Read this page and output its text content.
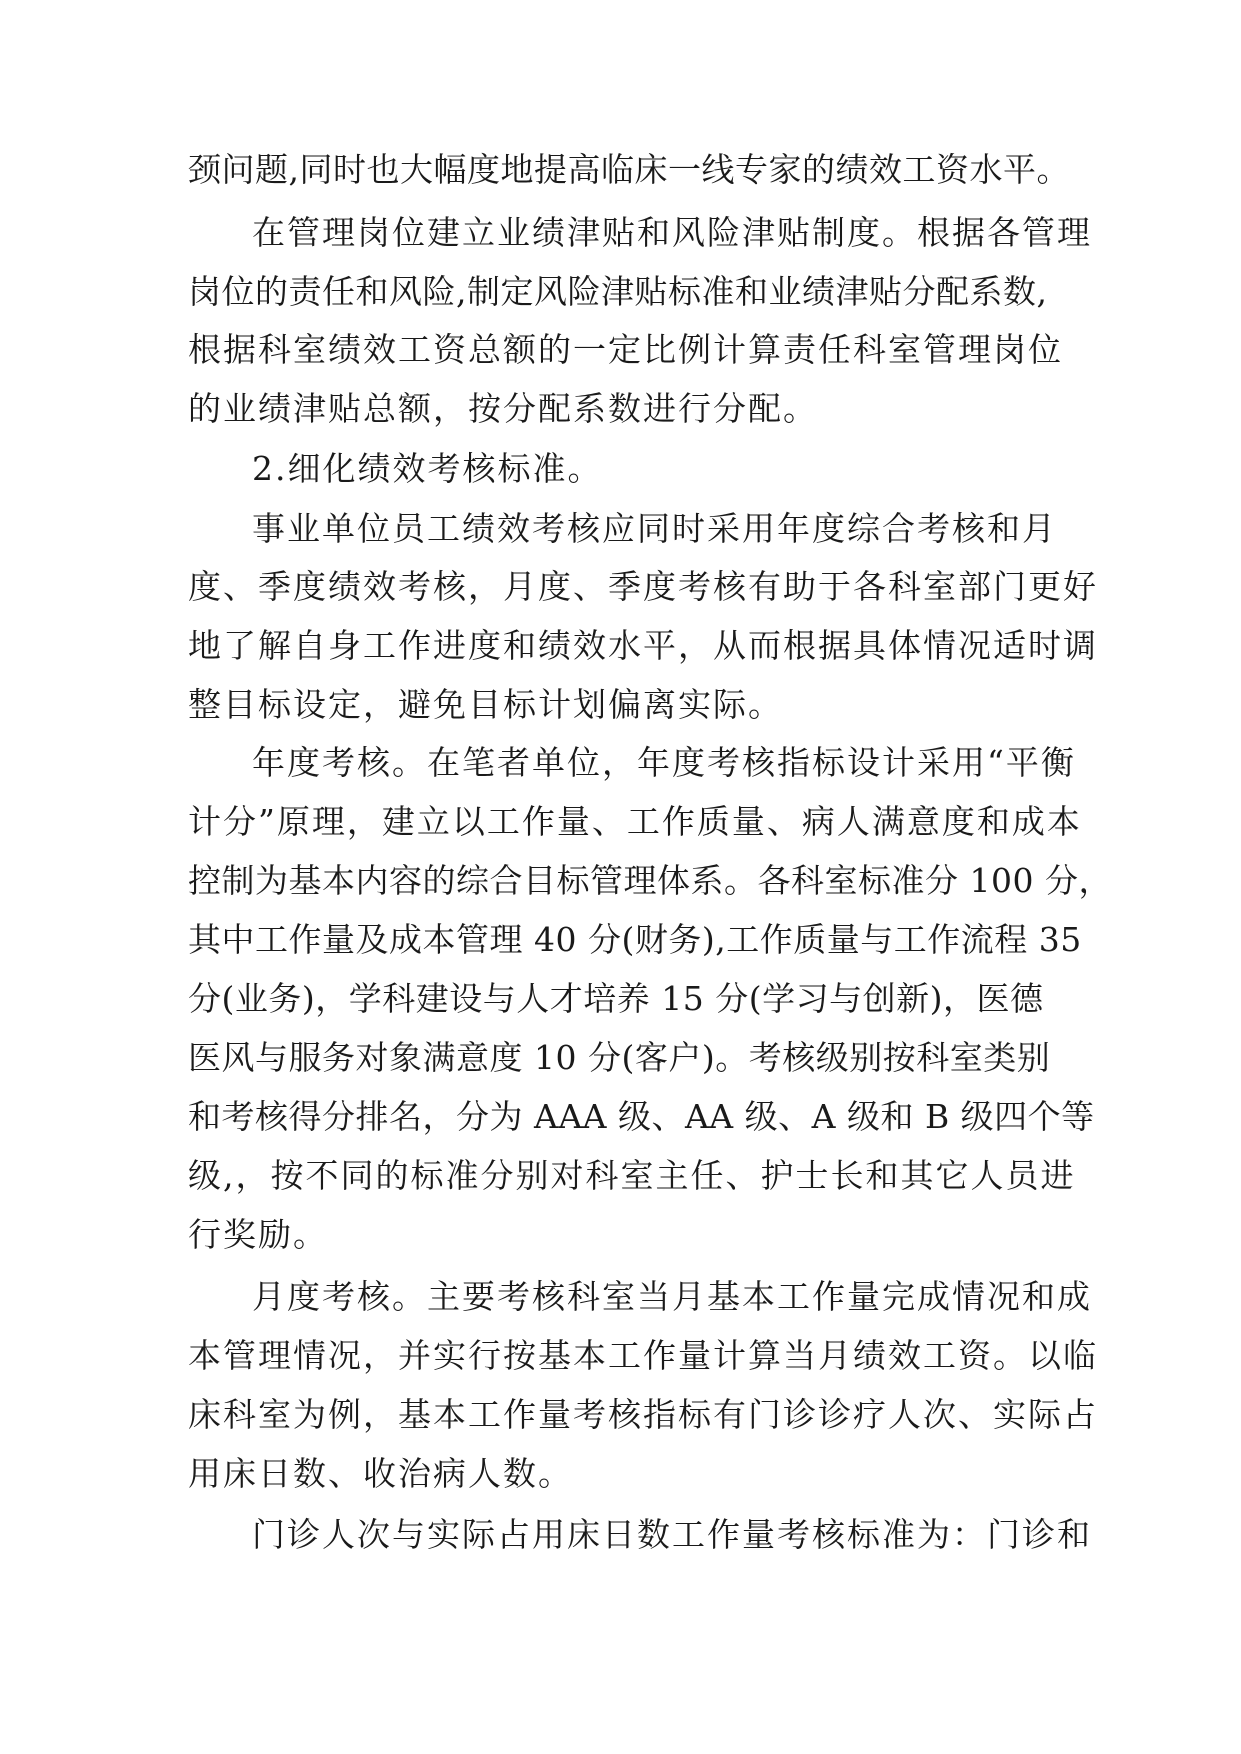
颈问题,同时也大幅度地提高临床一线专家的绩效工资水平。
在管理岗位建立业绩津贴和风险津贴制度。根据各管理
岗位的责任和风险,制定风险津贴标准和业绩津贴分配系数,
根据科室绩效工资总额的一定比例计算责任科室管理岗位
的业绩津贴总额，按分配系数进行分配。
2.细化绩效考核标准。
事业单位员工绩效考核应同时采用年度综合考核和月
度、季度绩效考核，月度、季度考核有助于各科室部门更好
地了解自身工作进度和绩效水平，从而根据具体情况适时调
整目标设定，避免目标计划偏离实际。
年度考核。在笔者单位，年度考核指标设计采用“平衡
计分”原理，建立以工作量、工作质量、病人满意度和成本
控制为基本内容的综合目标管理体系。各科室标准分 100 分，
其中工作量及成本管理 40 分(财务),工作质量与工作流程 35
分(业务)，学科建设与人才培养 15 分(学习与创新)，医德
医风与服务对象满意度 10 分(客户)。考核级别按科室类别
和考核得分排名，分为 AAA 级、AA 级、A 级和 B 级四个等
级,，按不同的标准分别对科室主任、护士长和其它人员进
行奖励。
月度考核。主要考核科室当月基本工作量完成情况和成
本管理情况，并实行按基本工作量计算当月绩效工资。以临
床科室为例，基本工作量考核指标有门诊诊疗人次、实际占
用床日数、收治病人数。
门诊人次与实际占用床日数工作量考核标准为：门诊和
